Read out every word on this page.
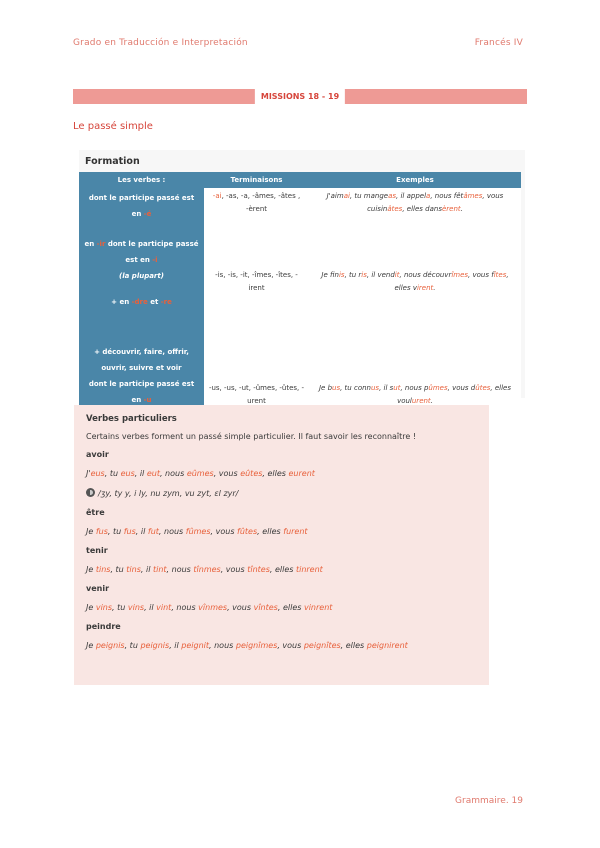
Grado en Traducción e Interpretación	Francés IV
MISSIONS 18 - 19
Le passé simple
Formation
Les verbes :	Terminaisons	Exemples
dont le participe passé est en -é	-ai, -as, -a, -âmes, -âtes , -èrent	J'aimai, tu mangeas, il appela, nous fêtâmes, vous cuisinâtes, elles dansèrent.

en -ir dont le participe passé est en -i
(la plupart)
+ en -dre et -re	-is, -is, -it, -îmes, -îtes, -irent	Je finis, tu ris, il vendit, nous découvrîmes, vous fîtes, elles virent.

+ découvrir, faire, offrir, ouvrir, suivre et voir
dont le participe passé est en -u	-us, -us, -ut, -ûmes, -ûtes, -urent	Je bus, tu connus, il sut, nous pûmes, vous dûtes, elles voulurent.
Verbes particuliers
Certains verbes forment un passé simple particulier. Il faut savoir les reconnaître !
avoir
J'eus, tu eus, il eut, nous eûmes, vous eûtes, elles eurent
/ʒy, ty y, i ly, nu zym, vu zyt, ɛl zyr/
être
Je fus, tu fus, il fut, nous fûmes, vous fûtes, elles furent
tenir
Je tins, tu tins, il tint, nous tînmes, vous tîntes, elles tinrent
venir
Je vins, tu vins, il vint, nous vînmes, vous vîntes, elles vinrent
peindre
Je peignis, tu peignis, il peignit, nous peignîmes, vous peignîtes, elles peignirent
Grammaire. 19
